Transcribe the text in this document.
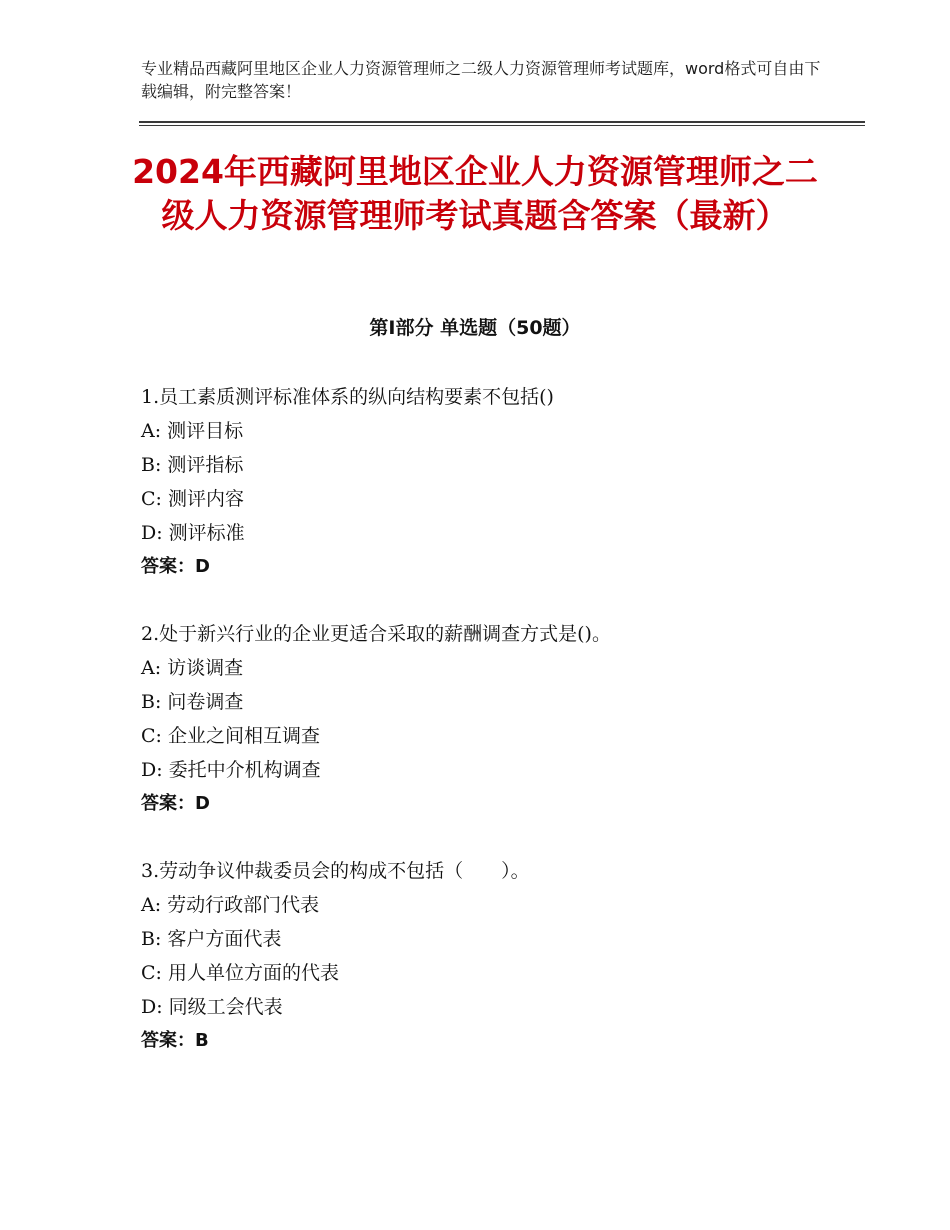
专业精品西藏阿里地区企业人力资源管理师之二级人力资源管理师考试题库，word格式可自由下载编辑，附完整答案！
2024年西藏阿里地区企业人力资源管理师之二级人力资源管理师考试真题含答案（最新）
第Ⅰ部分 单选题（50题）
1.员工素质测评标准体系的纵向结构要素不包括()
A: 测评目标
B: 测评指标
C: 测评内容
D: 测评标准
答案：D
2.处于新兴行业的企业更适合采取的薪酬调查方式是()。
A: 访谈调查
B: 问卷调查
C: 企业之间相互调查
D: 委托中介机构调查
答案：D
3.劳动争议仲裁委员会的构成不包括（　　）。
A: 劳动行政部门代表
B: 客户方面代表
C: 用人单位方面的代表
D: 同级工会代表
答案：B
